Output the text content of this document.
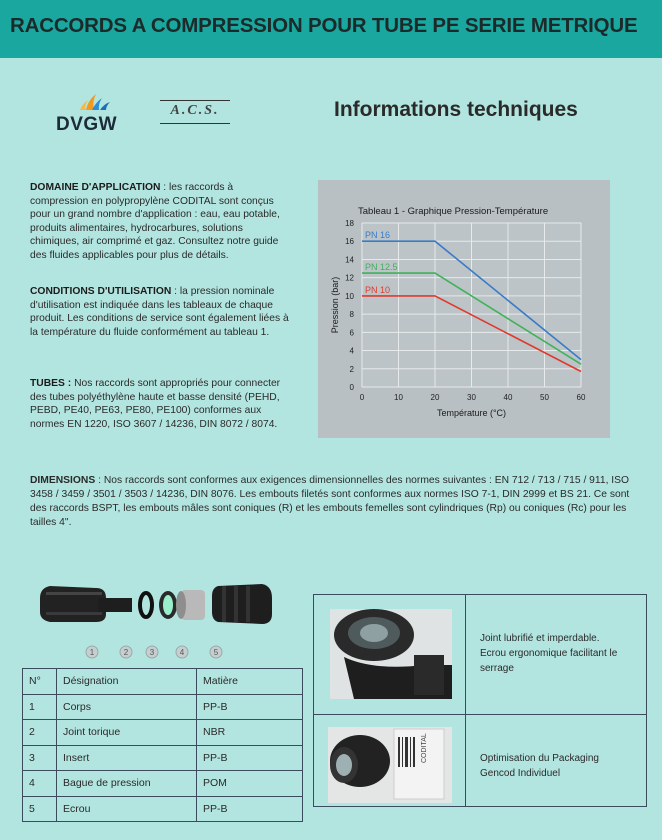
RACCORDS A COMPRESSION POUR TUBE PE SERIE METRIQUE
DVGW
A.C.S.	Informations techniques
DOMAINE D'APPLICATION : les raccords à compression en polypropylène CODITAL sont conçus pour un grand nombre d'application : eau, eau potable, produits alimentaires, hydrocarbures, solutions chimiques, air comprimé et gaz. Consultez notre guide des fluides applicables pour plus de détails.
CONDITIONS D'UTILISATION : la pression nominale d'utilisation est indiquée dans les tableaux de chaque produit. Les conditions de service sont également liées à la température du fluide conformément au tableau 1.
TUBES : Nos raccords sont appropriés pour connecter des tubes polyéthylène haute et basse densité (PEHD, PEBD, PE40, PE63, PE80, PE100) conformes aux normes EN 1220, ISO 3607 / 14236, DIN 8072 / 8074.
DIMENSIONS : Nos raccords sont conformes aux exigences dimensionnelles des normes suivantes : EN 712 / 713 / 715 / 911, ISO 3458 / 3459 / 3501 / 3503 / 14236, DIN 8076. Les embouts filetés sont conformes aux normes ISO 7-1, DIN 2999 et BS 21. Ce sont des raccords BSPT, les embouts mâles sont coniques (R) et les embouts femelles sont cylindriques (Rp) ou coniques (Rc) pour les tailles 4".
0
2
4
6
8
10
12
14
16
18
0	10	20	30	40	50	60
Tableau 1 - Graphique Pression-Température
Température (°C)
Pression (bar)
PN 16
PN 12.5
PN 10
1	2	3	4	5
N°	Désignation	Matière
1	Corps	PP-B
2	Joint torique	NBR
3	Insert	PP-B
4	Bague de pression	POM
5	Ecrou	PP-B
Joint lubrifié et imperdable.
Ecrou ergonomique facilitant le
serrage
CODITAL	Optimisation du Packaging
Gencod Individuel
